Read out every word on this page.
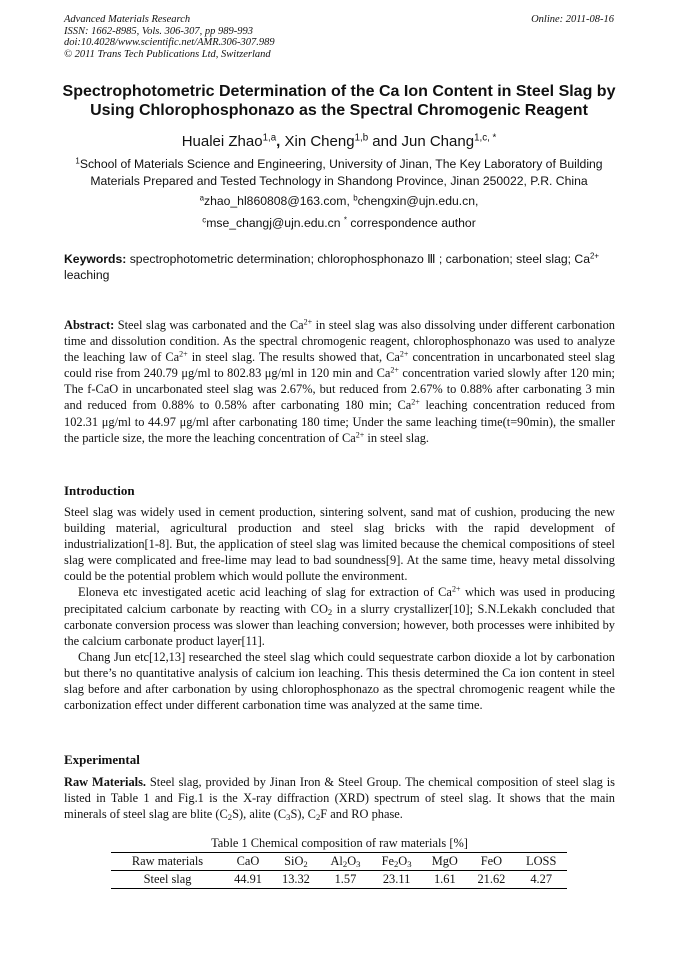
Advanced Materials Research
ISSN: 1662-8985, Vols. 306-307, pp 989-993
doi:10.4028/www.scientific.net/AMR.306-307.989
© 2011 Trans Tech Publications Ltd, Switzerland
Online: 2011-08-16
Spectrophotometric Determination of the Ca Ion Content in Steel Slag by
Using Chlorophosphonazo as the Spectral Chromogenic Reagent
Hualei Zhao$^{1,a}$, Xin Cheng$^{1,b}$ and Jun Chang$^{1,c, *}$
$^1$School of Materials Science and Engineering, University of Jinan, The Key Laboratory of Building
Materials Prepared and Tested Technology in Shandong Province, Jinan 250022, P.R. China
$^a$zhao_hl860808@163.com, $^b$chengxin@ujn.edu.cn,
$^c$mse_changj@ujn.edu.cn * correspondence author
Keywords: spectrophotometric determination; chlorophosphonazo Ⅲ ; carbonation; steel slag; $Ca^{2+}$ leaching
Abstract: Steel slag was carbonated and the $Ca^{2+}$ in steel slag was also dissolving under different carbonation time and dissolution condition. As the spectral chromogenic reagent, chlorophosphonazo was used to analyze the leaching law of $Ca^{2+}$ in steel slag. The results showed that, $Ca^{2+}$ concentration in uncarbonated steel slag could rise from 240.79 μg/ml to 802.83 μg/ml in 120 min and $Ca^{2+}$ concentration varied slowly after 120 min; The f-CaO in uncarbonated steel slag was 2.67%, but reduced from 2.67% to 0.88% after carbonating 3 min and reduced from 0.88% to 0.58% after carbonating 180 min; $Ca^{2+}$ leaching concentration reduced from 102.31 μg/ml to 44.97 μg/ml after carbonating 180 time; Under the same leaching time(t=90min), the smaller the particle size, the more the leaching concentration of $Ca^{2+}$ in steel slag.
Introduction
Steel slag was widely used in cement production, sintering solvent, sand mat of cushion, producing the new building material, agricultural production and steel slag bricks with the rapid development of industrialization[1-8]. But, the application of steel slag was limited because the chemical compositions of steel slag were complicated and free-lime may lead to bad soundness[9]. At the same time, heavy metal dissolving could be the potential problem which would pollute the environment.
Eloneva etc investigated acetic acid leaching of slag for extraction of $Ca^{2+}$ which was used in producing precipitated calcium carbonate by reacting with $CO_2$ in a slurry crystallizer[10]; S.N.Lekakh concluded that carbonate conversion process was slower than leaching conversion; however, both processes were inhibited by the calcium carbonate product layer[11].
Chang Jun etc[12,13] researched the steel slag which could sequestrate carbon dioxide a lot by carbonation but there’s no quantitative analysis of calcium ion leaching. This thesis determined the Ca ion content in steel slag before and after carbonation by using chlorophosphonazo as the spectral chromogenic reagent while the carbonization effect under different carbonation time was analyzed at the same time.
Experimental
Raw Materials. Steel slag, provided by Jinan Iron & Steel Group. The chemical composition of steel slag is listed in Table 1 and Fig.1 is the X-ray diffraction (XRD) spectrum of steel slag. It shows that the main minerals of steel slag are blite $(C_2S)$, alite $(C_3S)$, $C_2F$ and RO phase.
Table 1 Chemical composition of raw materials [%]
Raw materials	CaO	SiO$_2$	$Al_2O_3$	$Fe_2O_3$	MgO	FeO	LOSS
Steel slag	44.91	13.32	1.57	23.11	1.61	21.62	4.27
